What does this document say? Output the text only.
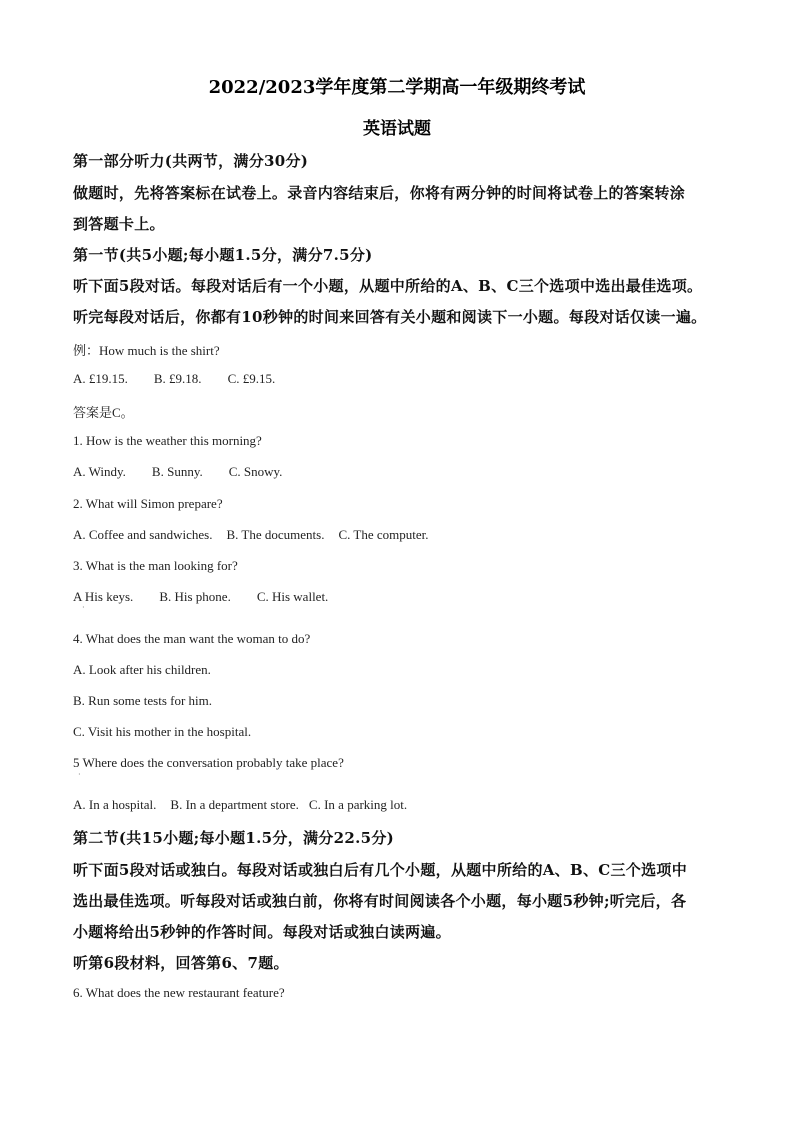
2022/2023学年度第二学期高一年级期终考试
英语试题
第一部分听力(共两节，满分30分)
做题时，先将答案标在试卷上。录音内容结束后，你将有两分钟的时间将试卷上的答案转涂
到答题卡上。
第一节(共5小题;每小题1.5分，满分7.5分)
听下面5段对话。每段对话后有一个小题，从题中所给的A、B、C三个选项中选出最佳选项。
听完每段对话后，你都有10秒钟的时间来回答有关小题和阅读下一小题。每段对话仅读一遍。
例：How much is the shirt?
A. £19.15. B. £9.18. C. £9.15.
答案是C。
1. How is the weather this morning?
A. Windy. B. Sunny. C. Snowy.
2. What will Simon prepare?
A. Coffee and sandwiches. B. The documents. C. The computer.
3. What is the man looking for?
A His keys. B. His phone. C. His wallet.
·
4. What does the man want the woman to do?
A. Look after his children.
B. Run some tests for him.
C. Visit his mother in the hospital.
5 Where does the conversation probably take place?
·
A. In a hospital. B. In a department store. C. In a parking lot.
第二节(共15小题;每小题1.5分，满分22.5分)
听下面5段对话或独白。每段对话或独白后有几个小题，从题中所给的A、B、C三个选项中
选出最佳选项。听每段对话或独白前，你将有时间阅读各个小题，每小题5秒钟;听完后，各
小题将给出5秒钟的作答时间。每段对话或独白读两遍。
听第6段材料，回答第6、7题。
6. What does the new restaurant feature?
